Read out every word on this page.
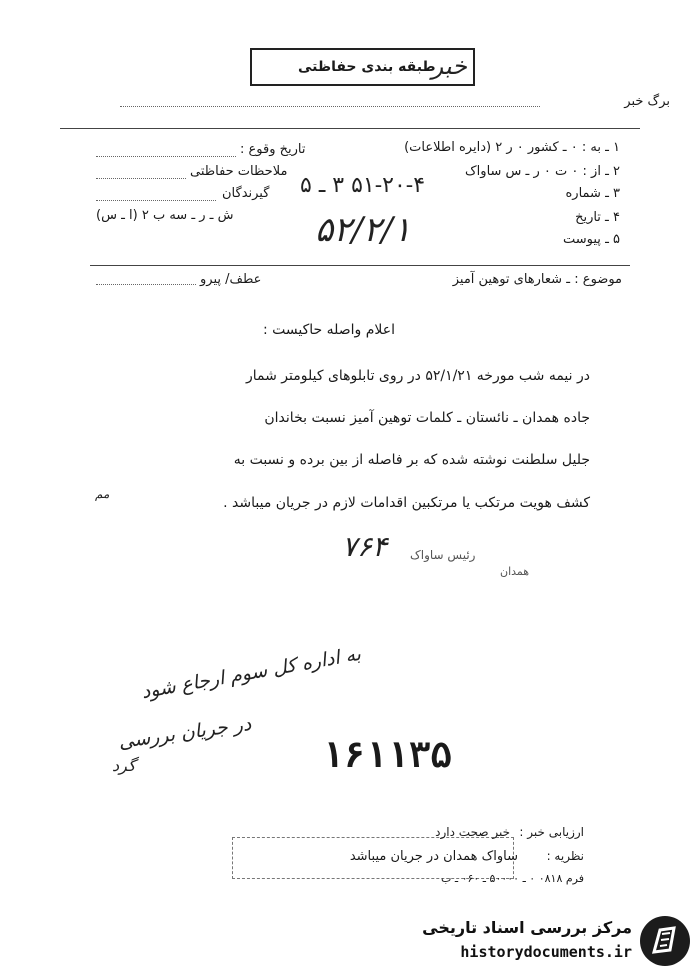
طبقه بندی حفاظتی
خبر
برگ خبر
۱ ـ به : ۰ ـ کشور ۰ ر ۲ (دایره اطلاعات)
۲ ـ از : ۰ ت ۰ ر ـ س ساواک
۳ ـ شماره
۵۱-۲۰-۴ ۳ ـ ۵
۴ ـ تاریخ
۵۲/۲/۱	۵ ـ پیوست
تاریخ وقوع :
ملاحظات حفاظتی
گیرندگان
ش ـ ر ـ سه ب ۲ (ا ـ س)
موضوع :
ـ شعارهای توهین آمیز
عطف/ پیرو
اعلام واصله حاکیست :
در نیمه شب مورخه ۵۲/۱/۲۱ در روی تابلوهای کیلومتر شمار
جاده همدان ـ نائستان ـ کلمات توهین آمیز نسبت بخاندان
جلیل سلطنت نوشته شده که بر فاصله از بین برده و نسبت به
کشف هویت مرتکب یا مرتکبین اقدامات لازم در جریان میباشد .
مم
۷۶۴ رئیس ساواک
همدان
به اداره کل سوم ارجاع شود
در جریان بررسی
گرد	۱۶۱۱۳۵
ارزیابی خبر :
خبر صحت دارد
نظریه :
ساواک همدان در جریان میباشد
فرم ۰۸۱۸ ۰ ـ ۵۰۰۰۰ ـ ۰۶۰ ـ ب
مرکز بررسی اسناد تاریخی
historydocuments.ir
